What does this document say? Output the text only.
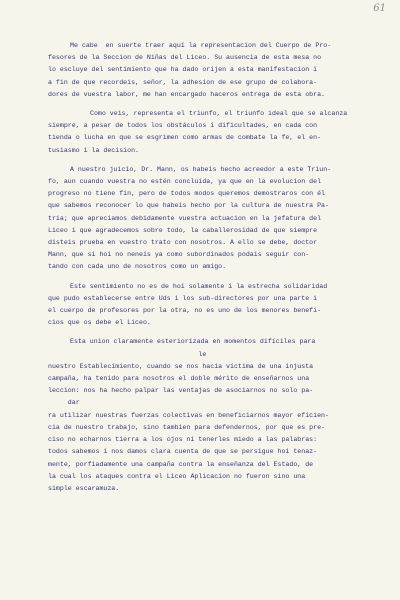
61

Me cabe  en suerte traer aquí la representacion del Cuerpo de Pro-
fesores de la Seccion de Niñas del Liceo. Su ausencia de esta mesa no
lo escluye del sentimiento que ha dado orijen a esta manifestacion i
a fin de que recordeis, señor, la adhesion de ese grupo de colabora-
dores de vuestra labor, me han encargado haceros entrega de esta obra.

Como veis, representa el triunfo, el triunfo ideal que se alcanza
siempre, a pesar de todos los obstáculos i dificultades, en cada con
tienda o lucha en que se esgrimen como armas de combate la fe, el en-
tusiasmo i la decision.

A nuestro juicio, Dr. Mann, os habeis hecho acreedor a este Triun-
fo, aun cuando vuestra no estén concluida, ya que en la evolucion del
progreso no tiene fin, pero de todos modos queremos demostraros con él
que sabemos reconocer lo que habeis hecho por la cultura de nuestra Pa-
tria; que apreciamos debidamente vuestra actuacion en la jefatura del
Liceo i que agradecemos sobre todo, la caballerosidad de que siempre
disteis prueba en vuestro trato con nosotros. A ello se debe, doctor
Mann, que si hoi no neneis ya como subordinados podais seguir con-
tando con cada uno de nosotros como un amigo.

Este sentimiento no es de hoi solamente i la estrecha solidaridad
que pudo establecerse entre Uds i los sub-directores por una parte i
el cuerpo de profesores por la otra, no es uno de los menores benefi-
cios que os debe el Liceo.

Esta union claramente esteriorizada en momentos difíciles para
le
nuestro Establecimiento, cuando se nos hacia víctima de una injusta
campaña, ha tenido para nosotros el doble mérito de enseñarnos una
leccion: nos ha hecho palpar las ventajas de asociarnos no solo pa-
dar
ra utilizar nuestras fuerzas colectivas en beneficiarnos mayor eficien-
cia de nuestro trabajo, sino tambien para defendernos, por que es pre-
ciso no echarnos tierra a los ojos ni tenerles miedo a las palabras:
todos sabemos i nos damos clara cuenta de que se persigue hoi tenaz-
mente, porfiadamente una campaña contra la enseñanza del Estado, de
la cual los ataques contra el Liceo Aplicacion no fueron sino una
simple escaramuza.
